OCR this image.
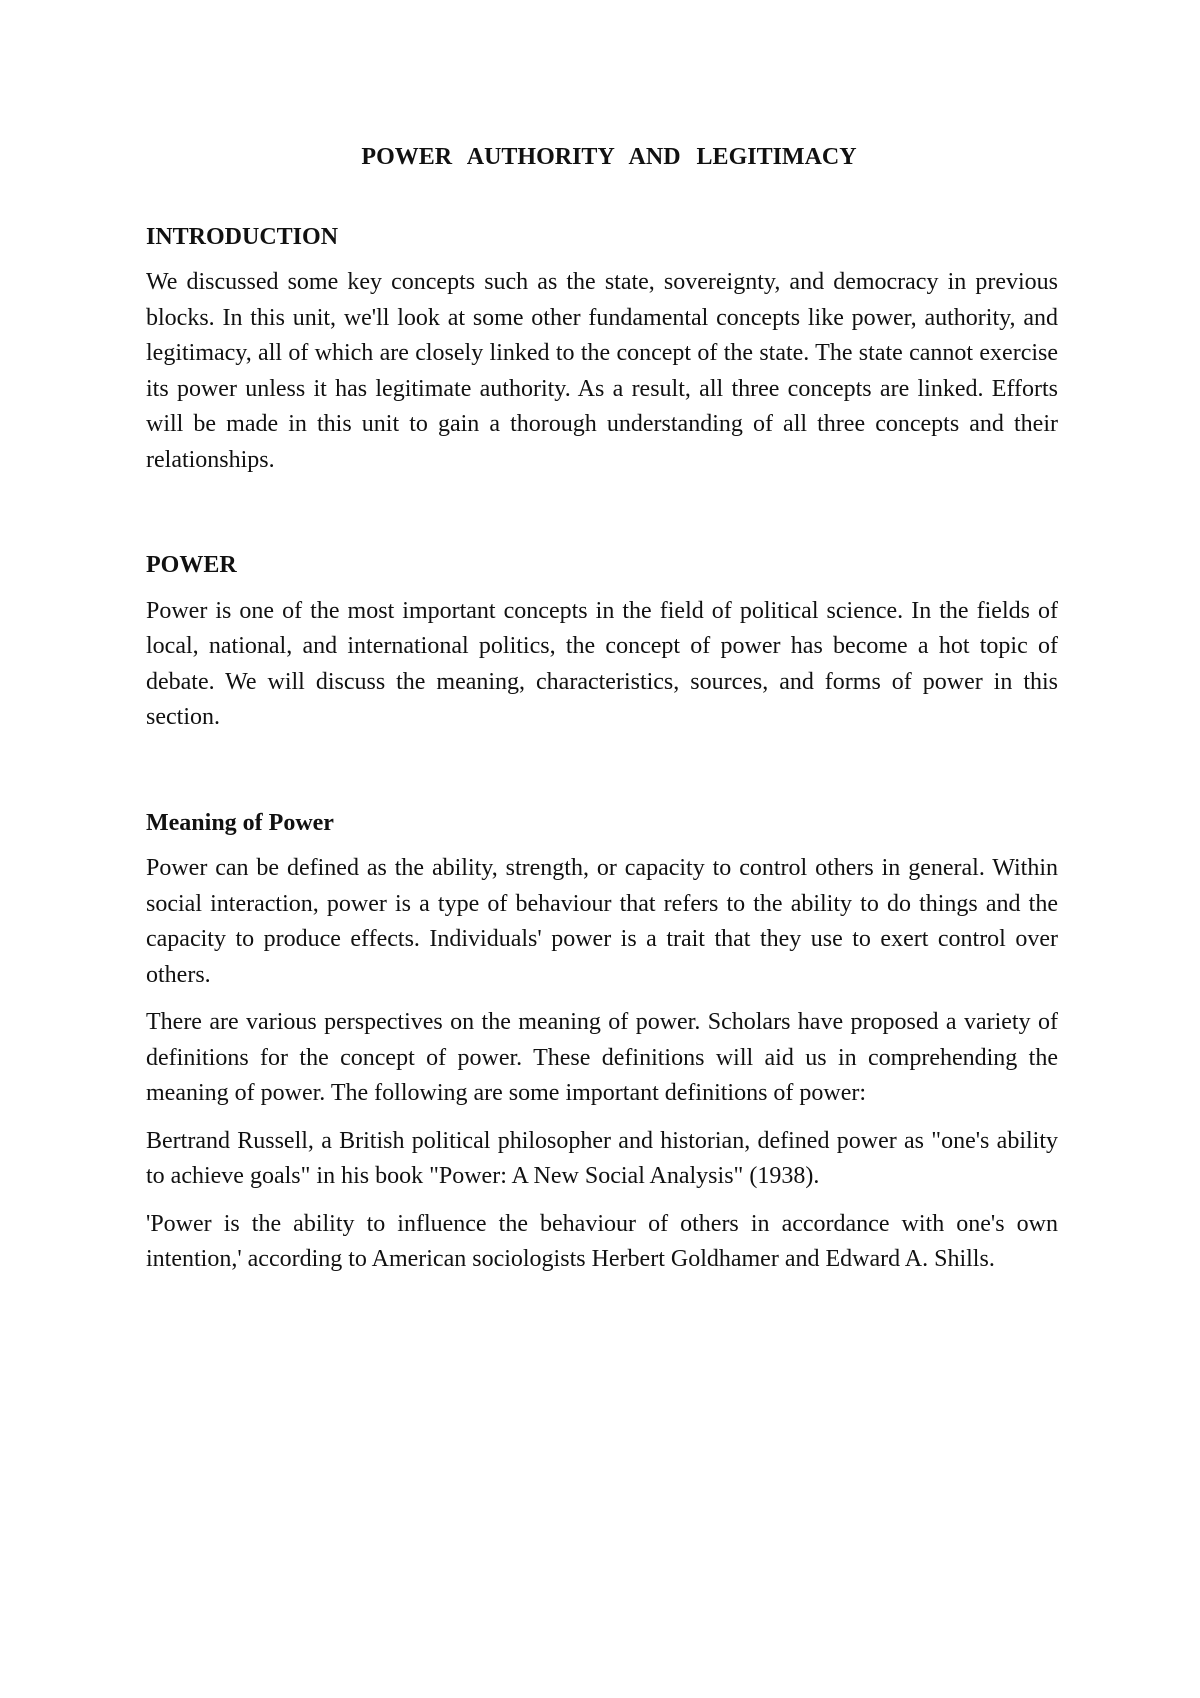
POWER AUTHORITY AND LEGITIMACY
INTRODUCTION

We discussed some key concepts such as the state, sovereignty, and democracy in previous blocks. In this unit, we'll look at some other fundamental concepts like power, authority, and legitimacy, all of which are closely linked to the concept of the state. The state cannot exercise its power unless it has legitimate authority. As a result, all three concepts are linked. Efforts will be made in this unit to gain a thorough understanding of all three concepts and their relationships.

POWER

Power is one of the most important concepts in the field of political science. In the fields of local, national, and international politics, the concept of power has become a hot topic of debate. We will discuss the meaning, characteristics, sources, and forms of power in this section.

Meaning of Power

Power can be defined as the ability, strength, or capacity to control others in general. Within social interaction, power is a type of behaviour that refers to the ability to do things and the capacity to produce effects. Individuals' power is a trait that they use to exert control over others.

There are various perspectives on the meaning of power. Scholars have proposed a variety of definitions for the concept of power. These definitions will aid us in comprehending the meaning of power. The following are some important definitions of power:

Bertrand Russell, a British political philosopher and historian, defined power as "one's ability to achieve goals" in his book "Power: A New Social Analysis" (1938).

'Power is the ability to influence the behaviour of others in accordance with one's own intention,' according to American sociologists Herbert Goldhamer and Edward A. Shills.
